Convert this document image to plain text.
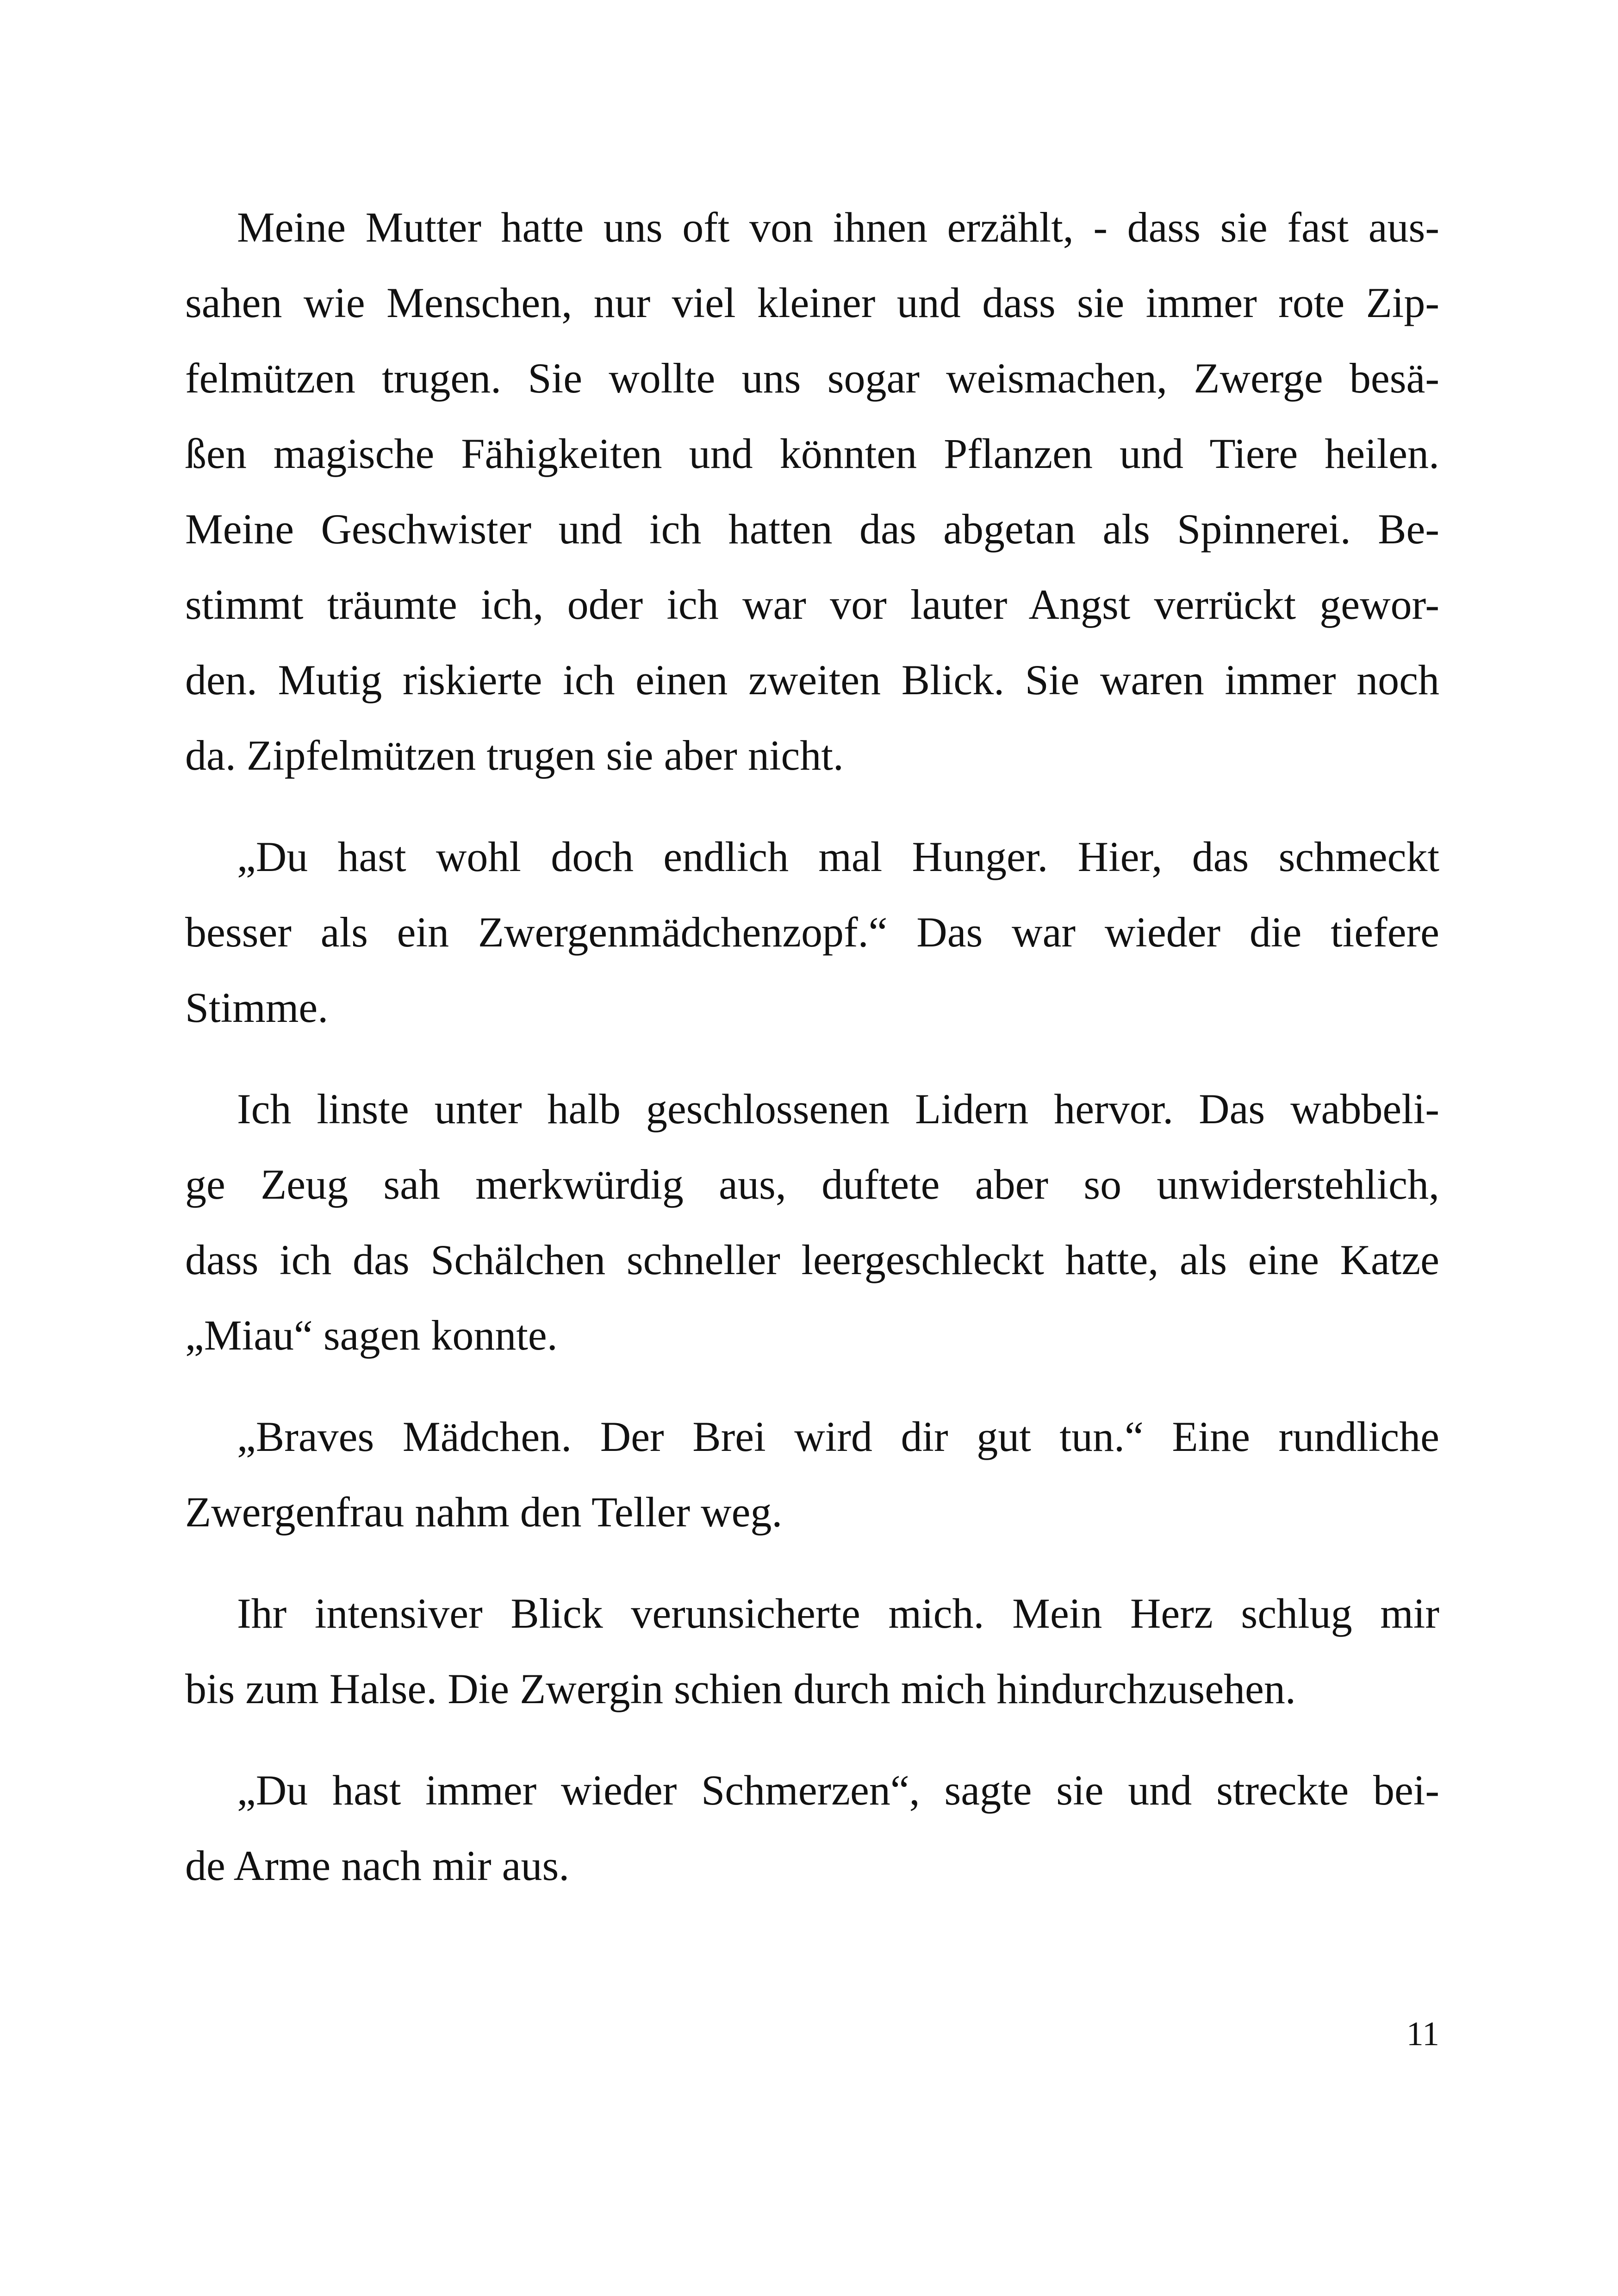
Meine Mutter hatte uns oft von ihnen erzählt, - dass sie fast aus-
sahen wie Menschen, nur viel kleiner und dass sie immer rote Zip-
felmützen trugen. Sie wollte uns sogar weismachen, Zwerge besä-
ßen magische Fähigkeiten und könnten Pflanzen und Tiere heilen.
Meine Geschwister und ich hatten das abgetan als Spinnerei. Be-
stimmt träumte ich, oder ich war vor lauter Angst verrückt gewor-
den. Mutig riskierte ich einen zweiten Blick. Sie waren immer noch
da. Zipfelmützen trugen sie aber nicht.
„Du hast wohl doch endlich mal Hunger. Hier, das schmeckt
besser als ein Zwergenmädchenzopf.“ Das war wieder die tiefere
Stimme.
Ich linste unter halb geschlossenen Lidern hervor. Das wabbeli-
ge Zeug sah merkwürdig aus, duftete aber so unwiderstehlich,
dass ich das Schälchen schneller leergeschleckt hatte, als eine Katze
„Miau“ sagen konnte.
„Braves Mädchen. Der Brei wird dir gut tun.“ Eine rundliche
Zwergenfrau nahm den Teller weg.
Ihr intensiver Blick verunsicherte mich. Mein Herz schlug mir
bis zum Halse. Die Zwergin schien durch mich hindurchzusehen.
„Du hast immer wieder Schmerzen“, sagte sie und streckte bei-
de Arme nach mir aus.
11
